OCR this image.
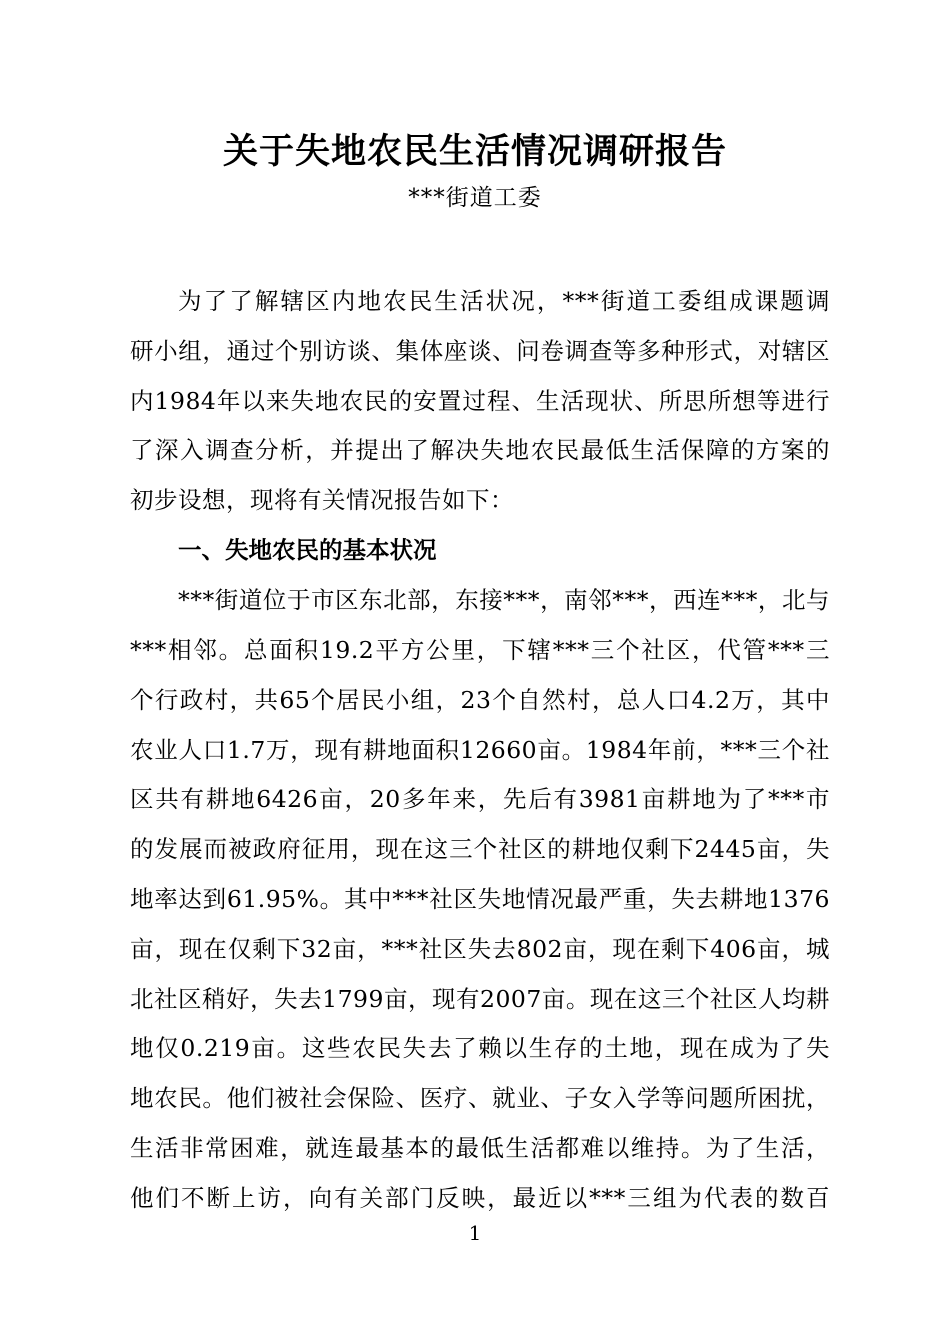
关于失地农民生活情况调研报告
***街道工委
为了了解辖区内地农民生活状况，***街道工委组成课题调
研小组，通过个别访谈、集体座谈、问卷调查等多种形式，对辖区
内1984年以来失地农民的安置过程、生活现状、所思所想等进行
了深入调查分析，并提出了解决失地农民最低生活保障的方案的
初步设想，现将有关情况报告如下：
一、失地农民的基本状况
***街道位于市区东北部，东接***，南邻***，西连***，北与
***相邻。总面积19.2平方公里，下辖***三个社区，代管***三
个行政村，共65个居民小组，23个自然村，总人口4.2万，其中
农业人口1.7万，现有耕地面积12660亩。1984年前，***三个社
区共有耕地6426亩，20多年来，先后有3981亩耕地为了***市
的发展而被政府征用，现在这三个社区的耕地仅剩下2445亩，失
地率达到61.95%。其中***社区失地情况最严重，失去耕地1376
亩，现在仅剩下32亩，***社区失去802亩，现在剩下406亩，城
北社区稍好，失去1799亩，现有2007亩。现在这三个社区人均耕
地仅0.219亩。这些农民失去了赖以生存的土地，现在成为了失
地农民。他们被社会保险、医疗、就业、子女入学等问题所困扰，
生活非常困难，就连最基本的最低生活都难以维持。为了生活，
他们不断上访，向有关部门反映，最近以***三组为代表的数百
1
